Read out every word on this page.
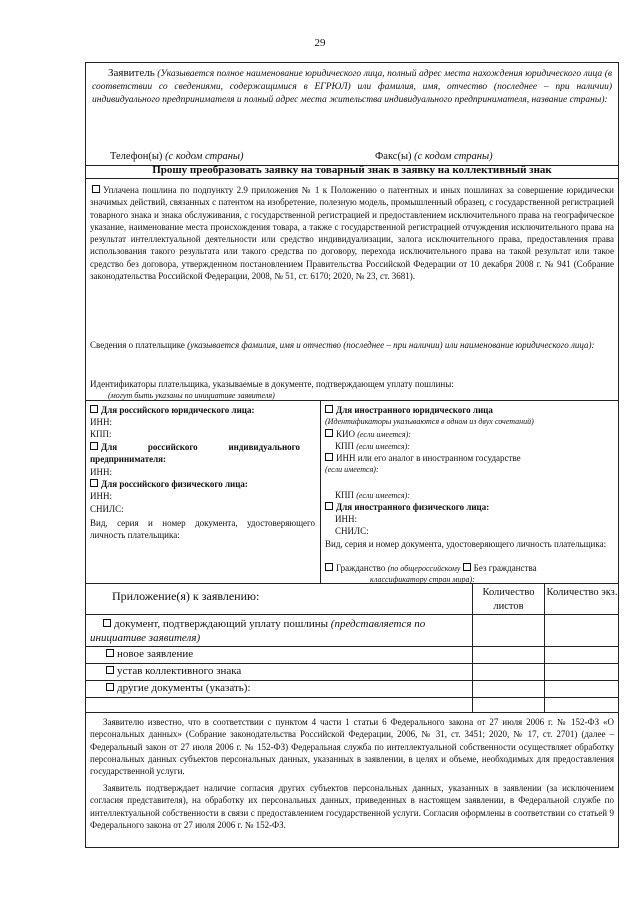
29
Заявитель (Указывается полное наименование юридического лица, полный адрес места нахождения юридического лица (в соответствии со сведениями, содержащимися в ЕГРЮЛ) или фамилия, имя, отчество (последнее – при наличии) индивидуального предпринимателя и полный адрес места жительства индивидуального предпринимателя, название страны):
Телефон(ы) (с кодом страны)	Факс(ы) (с кодом страны)
Прошу преобразовать заявку на товарный знак в заявку на коллективный знак
Уплачена пошлина по подпункту 2.9 приложения № 1 к Положению о патентных и иных пошлинах за совершение юридически значимых действий, связанных с патентом на изобретение, полезную модель, промышленный образец, с государственной регистрацией товарного знака и знака обслуживания, с государственной регистрацией и предоставлением исключительного права на географическое указание, наименование места происхождения товара, а также с государственной регистрацией отчуждения исключительного права на результат интеллектуальной деятельности или средство индивидуализации, залога исключительного права, предоставления права использования такого результата или такого средства по договору, перехода исключительного права на такой результат или такое средство без договора, утвержденном постановлением Правительства Российской Федерации от 10 декабря 2008 г. № 941 (Собрание законодательства Российской Федерации, 2008, № 51, ст. 6170; 2020, № 23, ст. 3681).
Сведения о плательщике (указывается фамилия, имя и отчество (последнее – при наличии) или наименование юридического лица):
Идентификаторы плательщика, указываемые в документе, подтверждающем уплату пошлины:
(могут быть указаны по инициативе заявителя)
Для российского юридического лица:
ИНН:
КПП:
Для российского индивидуального предпринимателя:
ИНН:
Для российского физического лица:
ИНН:
СНИЛС:
Вид, серия и номер документа, удостоверяющего личность плательщика:
Для иностранного юридического лица
(Идентификаторы указываются в одном из двух сочетаний)
КИО (если имеется):
КПП (если имеется):
ИНН или его аналог в иностранном государстве
(если имеется):
КПП (если имеется):
Для иностранного физического лица:
ИНН:
СНИЛС:
Вид, серия и номер документа, удостоверяющего личность плательщика:
Гражданство (по общероссийскому Без гражданства
классификатору стран мира):
Приложение(я) к заявлению:	Количество листов
Количество экз.
документ, подтверждающий уплату пошлины (представляется по инициативе заявителя)
новое заявление
устав коллективного знака
другие документы (указать):
Заявителю известно, что в соответствии с пунктом 4 части 1 статьи 6 Федерального закона от 27 июля 2006 г. № 152-ФЗ «О персональных данных» (Собрание законодательства Российской Федерации, 2006, № 31, ст. 3451; 2020, № 17, ст. 2701) (далее – Федеральный закон от 27 июля 2006 г. № 152-ФЗ) Федеральная служба по интеллектуальной собственности осуществляет обработку персональных данных субъектов персональных данных, указанных в заявлении, в целях и объеме, необходимых для предоставления государственной услуги.
Заявитель подтверждает наличие согласия других субъектов персональных данных, указанных в заявлении (за исключением согласия представителя), на обработку их персональных данных, приведенных в настоящем заявлении, в Федеральной службе по интеллектуальной собственности в связи с предоставлением государственной услуги. Согласия оформлены в соответствии со статьей 9 Федерального закона от 27 июля 2006 г. № 152-ФЗ.
